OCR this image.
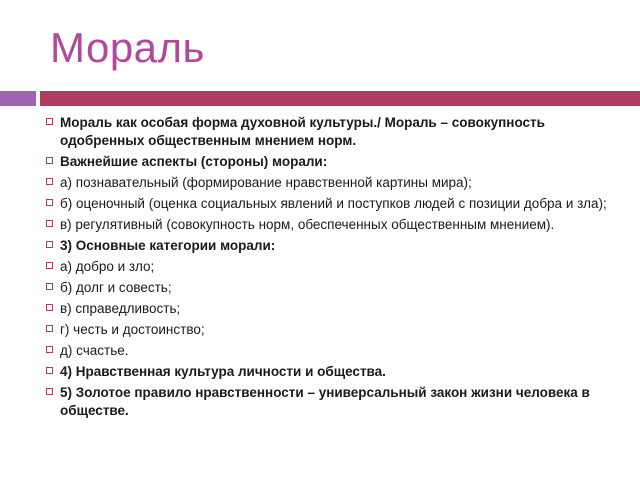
Мораль
Мораль как особая форма духовной культуры./ Мораль – совокупность одобренных общественным мнением норм.
Важнейшие аспекты (стороны) морали:
а) познавательный (формирование нравственной картины мира);
б) оценочный (оценка социальных явлений и поступков людей с позиции добра и зла);
в) регулятивный (совокупность норм, обеспеченных общественным мнением).
3) Основные категории морали:
а) добро и зло;
б) долг и совесть;
в) справедливость;
г) честь и достоинство;
д) счастье.
4) Нравственная культура личности и общества.
5) Золотое правило нравственности – универсальный закон жизни человека в обществе.
